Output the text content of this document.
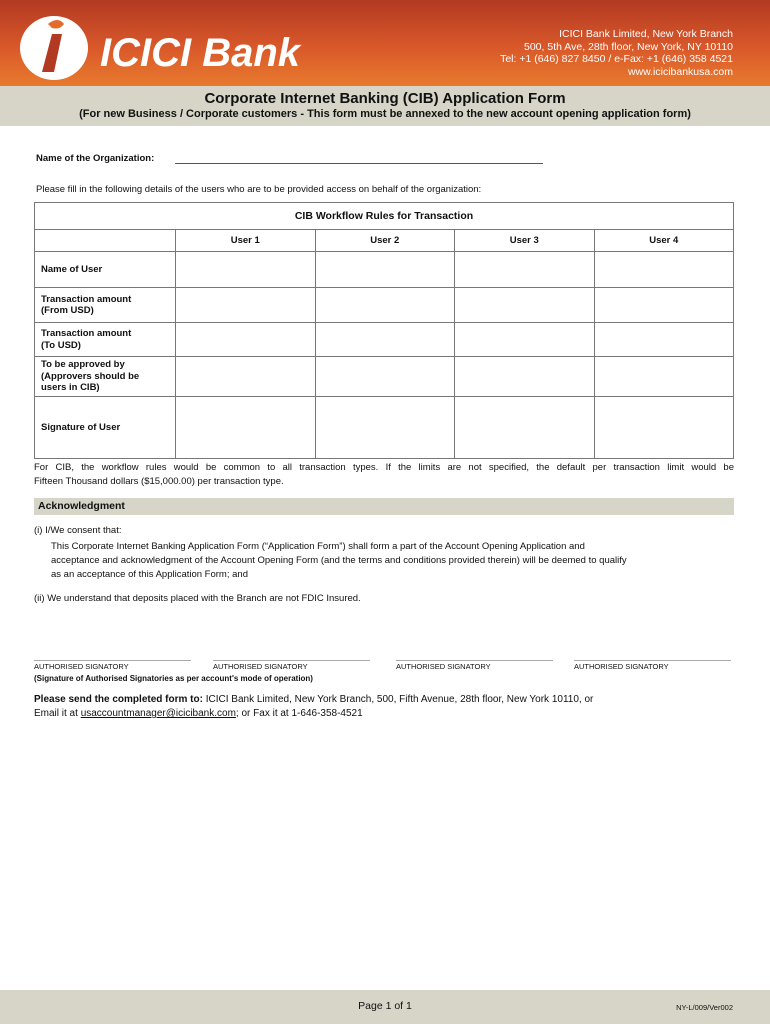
ICICI Bank	ICICI Bank Limited, New York Branch
500, 5th Ave, 28th floor, New York, NY 10110
Tel: +1 (646) 827 8450 / e-Fax: +1 (646) 358 4521
www.icicibankusa.com
Corporate Internet Banking (CIB) Application Form
(For new Business / Corporate customers - This form must be annexed to the new account opening application form)
Name of the Organization:
Please fill in the following details of the users who are to be provided access on behalf of the organization:
CIB Workflow Rules for Transaction				
	User 1	User 2	User 3	User 4

Name of User				

Transaction amount
(From USD)				

Transaction amount
(To USD)				

To be approved by
(Approvers should be
users in CIB)				

Signature of User				

For CIB, the workflow rules would be common to all transaction types. If the limits are not specified, the default per transaction limit would be
Fifteen Thousand dollars ($15,000.00) per transaction type.
Acknowledgment
(i) I/We consent that:
This Corporate Internet Banking Application Form (“Application Form”) shall form a part of the Account Opening Application and
acceptance and acknowledgment of the Account Opening Form (and the terms and conditions provided therein) will be deemed to qualify
as an acceptance of this Application Form; and
(ii) We understand that deposits placed with the Branch are not FDIC Insured.
AUTHORISED SIGNATORY	AUTHORISED SIGNATORY	AUTHORISED SIGNATORY	AUTHORISED SIGNATORY
(Signature of Authorised Signatories as per account's mode of operation)
Please send the completed form to: ICICI Bank Limited, New York Branch, 500, Fifth Avenue, 28th floor, New York 10110, or
Email it at usaccountmanager@icicibank.com; or Fax it at 1-646-358-4521
Page 1 of 1	NY-L/009/Ver002
